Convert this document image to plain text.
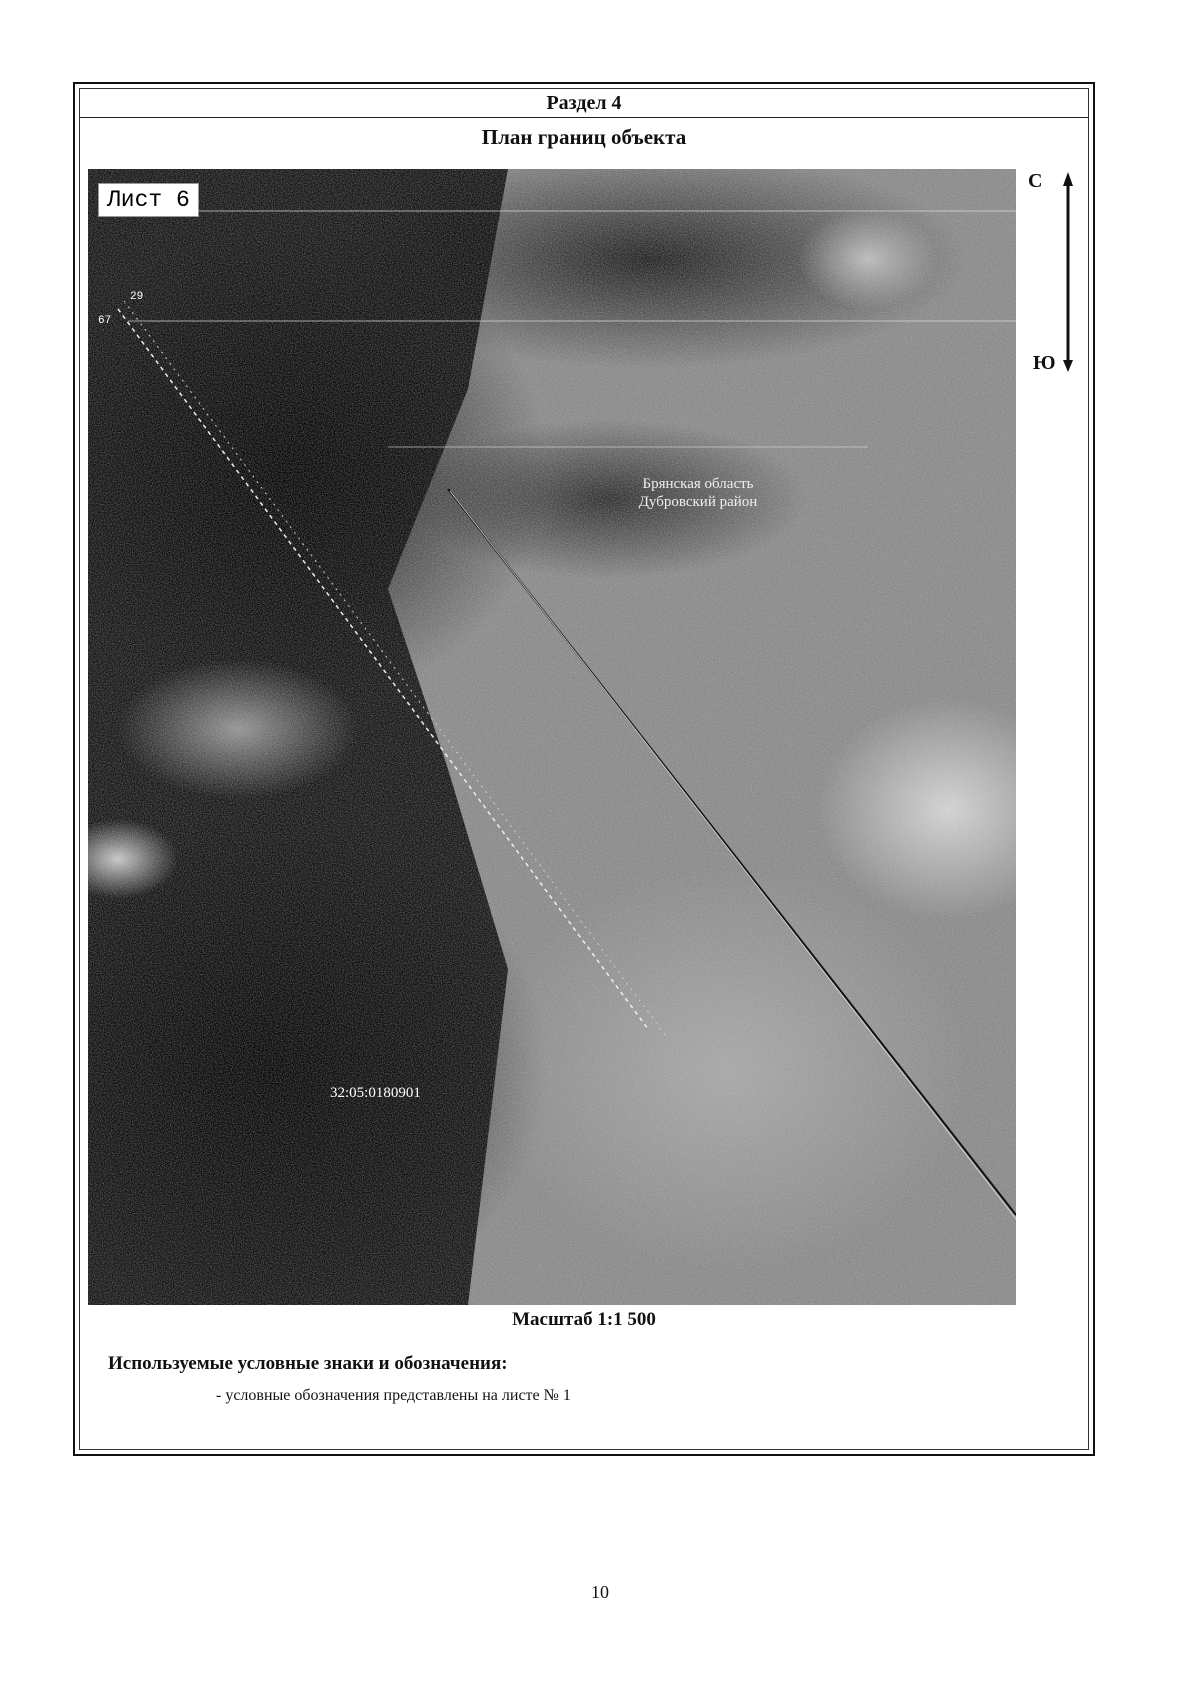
Раздел 4
План границ объекта
Лист 6
29
67
Брянская область
Дубровский район
32:05:0180901
Масштаб 1:1 500
Используемые условные знаки и обозначения:
- условные обозначения представлены на листе № 1
С
Ю
10
